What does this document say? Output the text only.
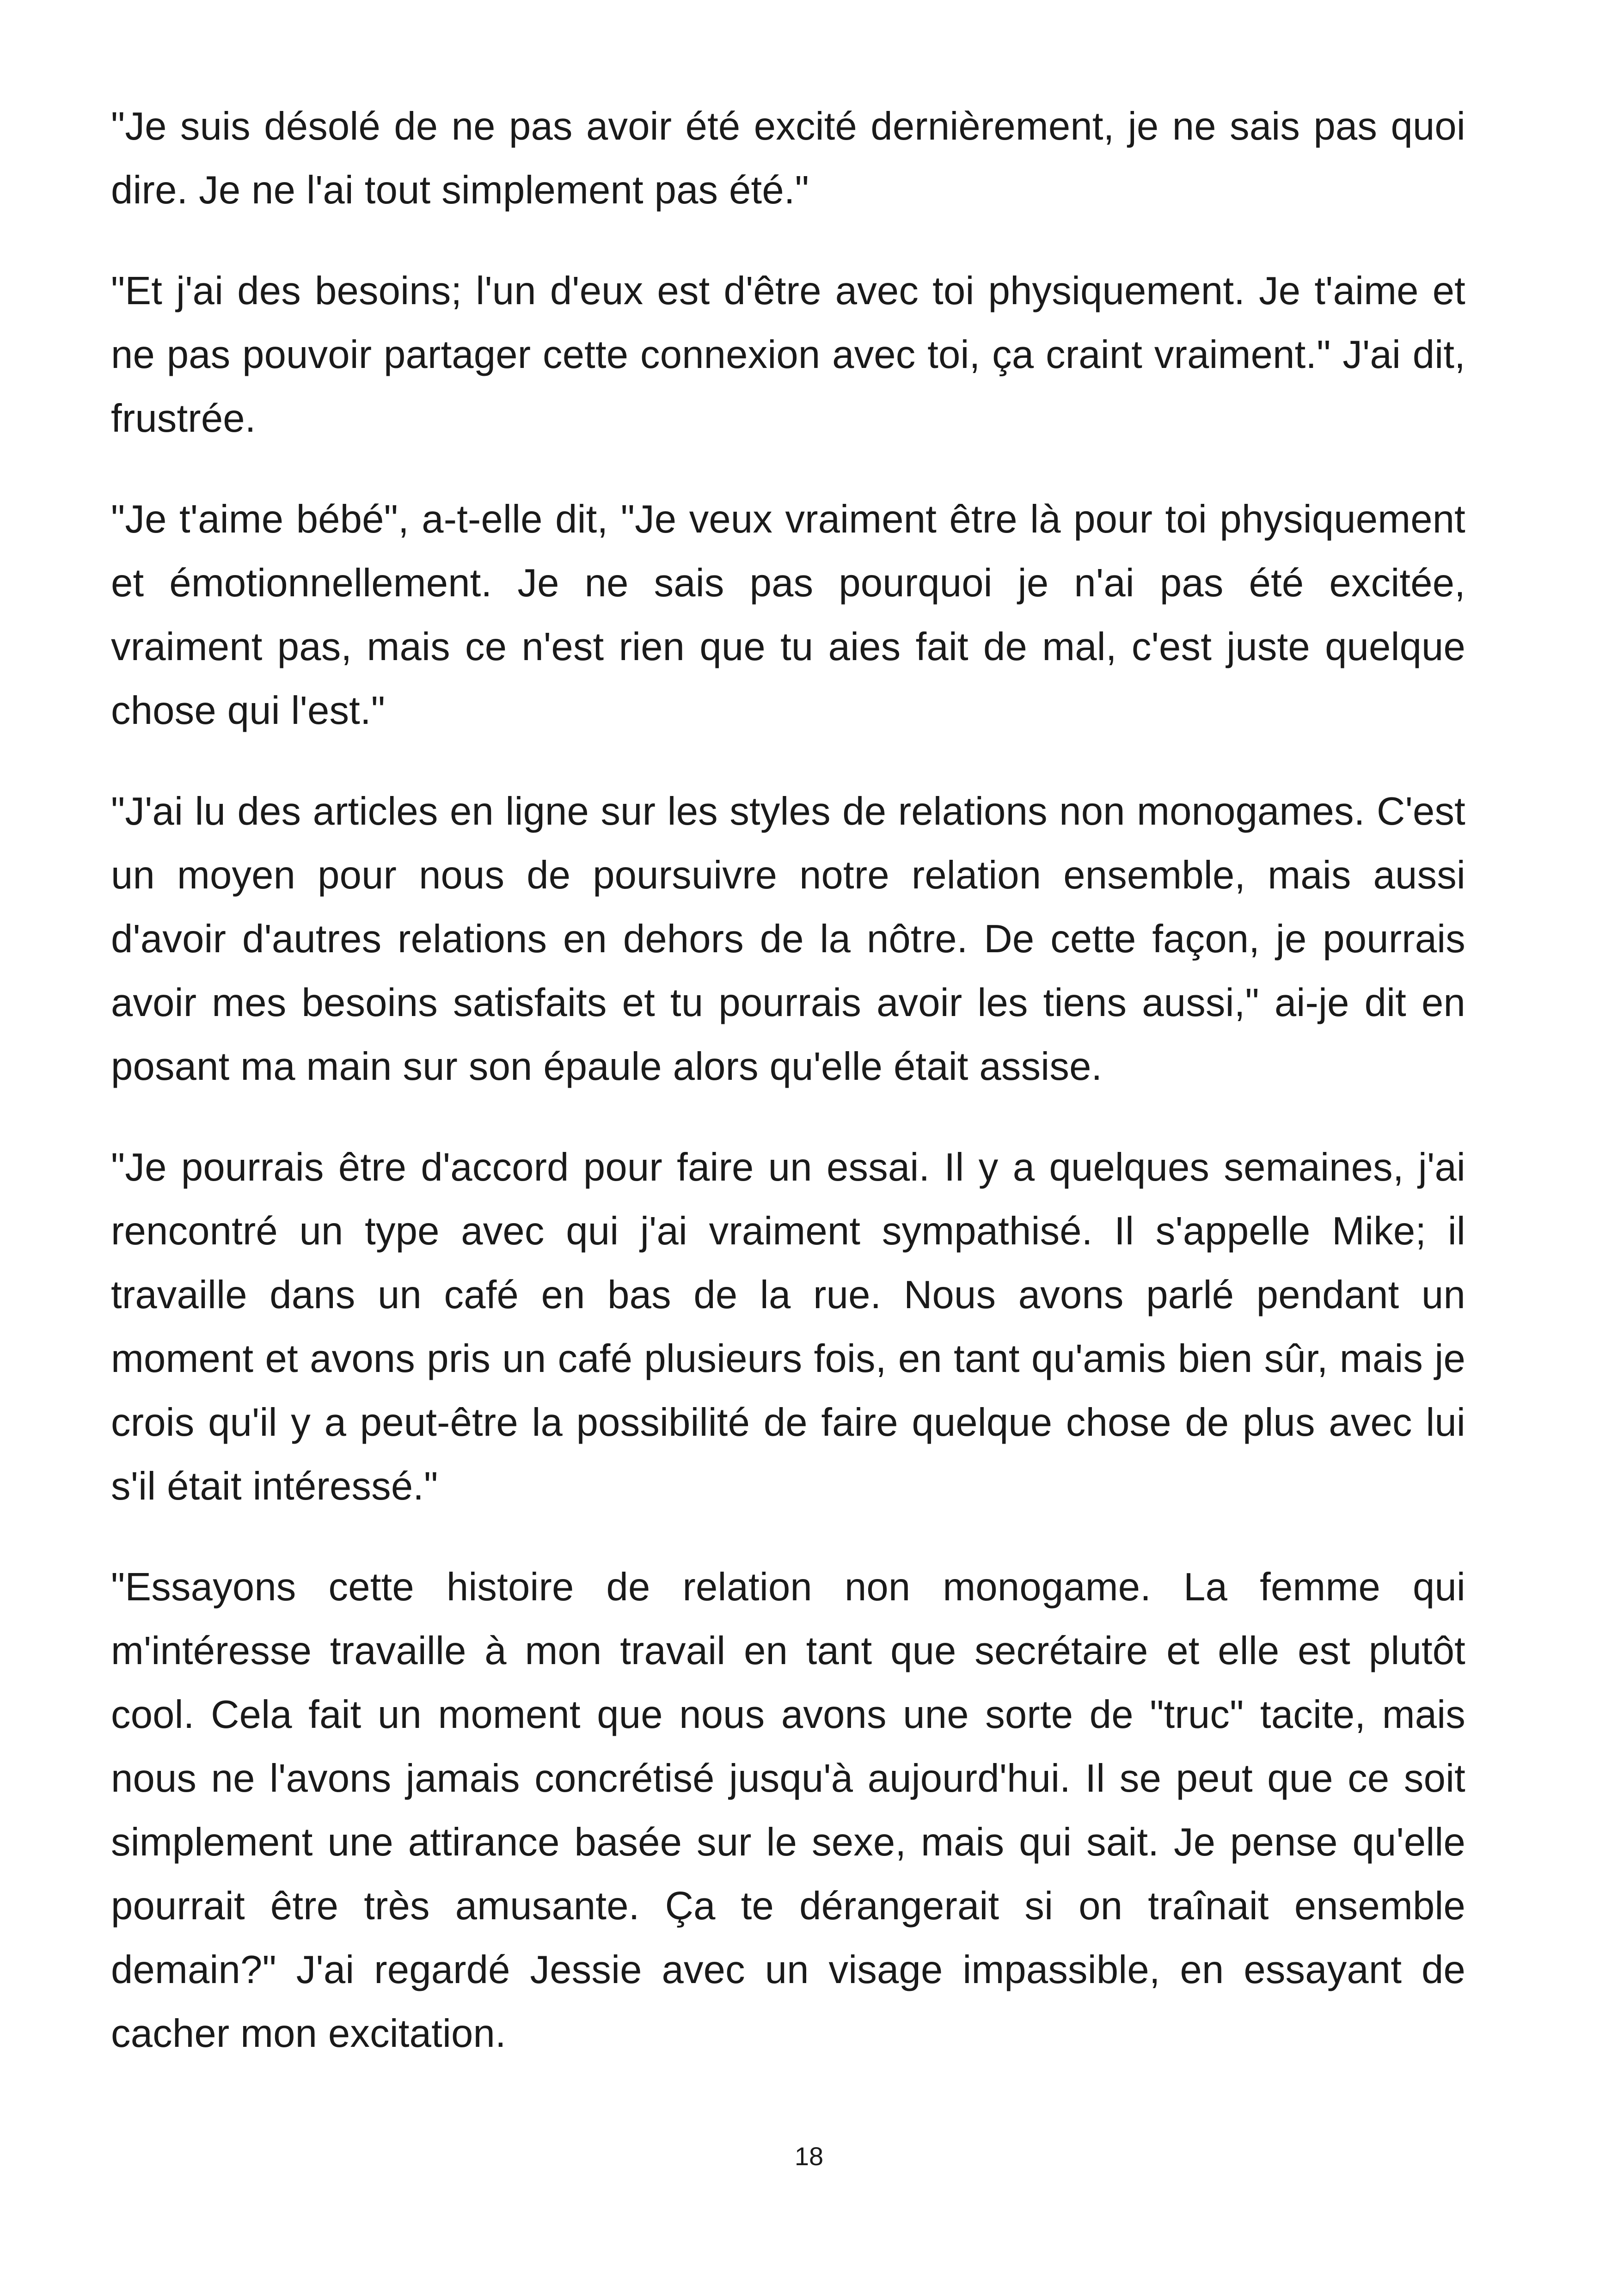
"Je suis désolé de ne pas avoir été excité dernièrement, je ne sais pas quoi dire. Je ne l'ai tout simplement pas été."

"Et j'ai des besoins; l'un d'eux est d'être avec toi physiquement. Je t'aime et ne pas pouvoir partager cette connexion avec toi, ça craint vraiment." J'ai dit, frustrée.

"Je t'aime bébé", a-t-elle dit, "Je veux vraiment être là pour toi physiquement et émotionnellement. Je ne sais pas pourquoi je n'ai pas été excitée, vraiment pas, mais ce n'est rien que tu aies fait de mal, c'est juste quelque chose qui l'est."

"J'ai lu des articles en ligne sur les styles de relations non monogames. C'est un moyen pour nous de poursuivre notre relation ensemble, mais aussi d'avoir d'autres relations en dehors de la nôtre. De cette façon, je pourrais avoir mes besoins satisfaits et tu pourrais avoir les tiens aussi," ai-je dit en posant ma main sur son épaule alors qu'elle était assise.

"Je pourrais être d'accord pour faire un essai. Il y a quelques semaines, j'ai rencontré un type avec qui j'ai vraiment sympathisé. Il s'appelle Mike; il travaille dans un café en bas de la rue. Nous avons parlé pendant un moment et avons pris un café plusieurs fois, en tant qu'amis bien sûr, mais je crois qu'il y a peut-être la possibilité de faire quelque chose de plus avec lui s'il était intéressé."

"Essayons cette histoire de relation non monogame. La femme qui m'intéresse travaille à mon travail en tant que secrétaire et elle est plutôt cool. Cela fait un moment que nous avons une sorte de "truc" tacite, mais nous ne l'avons jamais concrétisé jusqu'à aujourd'hui. Il se peut que ce soit simplement une attirance basée sur le sexe, mais qui sait. Je pense qu'elle pourrait être très amusante. Ça te dérangerait si on traînait ensemble demain?" J'ai regardé Jessie avec un visage impassible, en essayant de cacher mon excitation.

18
